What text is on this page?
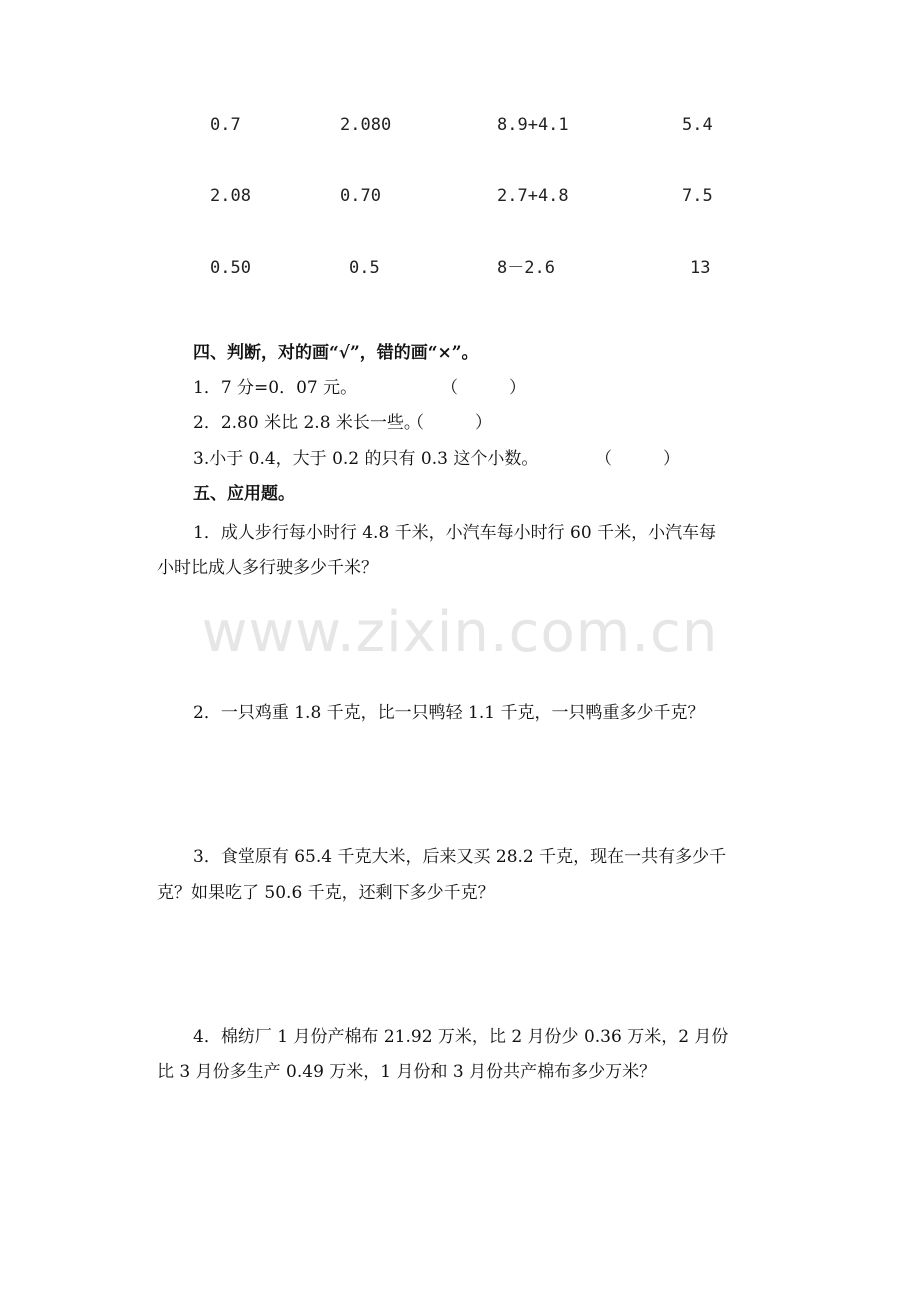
0.7	2.080	8.9+4.1	5.4
2.08	0.70	2.7+4.8	7.5
0.50	0.5	8－2.6	13
四、判断，对的画“√”，错的画“×”。
1．7 分=0．07 元。	（　　　）
2．2.80 米比 2.8 米长一些。
（　　　）
3.小于 0.4，大于 0.2 的只有 0.3 这个小数。	（　　　）
五、应用题。
1．成人步行每小时行 4.8 千米，小汽车每小时行 60 千米，小汽车每
小时比成人多行驶多少千米？
2．一只鸡重 1.8 千克，比一只鸭轻 1.1 千克，一只鸭重多少千克？
3．食堂原有 65.4 千克大米，后来又买 28.2 千克，现在一共有多少千
克？如果吃了 50.6 千克，还剩下多少千克？
4．棉纺厂 1 月份产棉布 21.92 万米，比 2 月份少 0.36 万米，2 月份
比 3 月份多生产 0.49 万米，1 月份和 3 月份共产棉布多少万米？
www.zixin.com.cn
